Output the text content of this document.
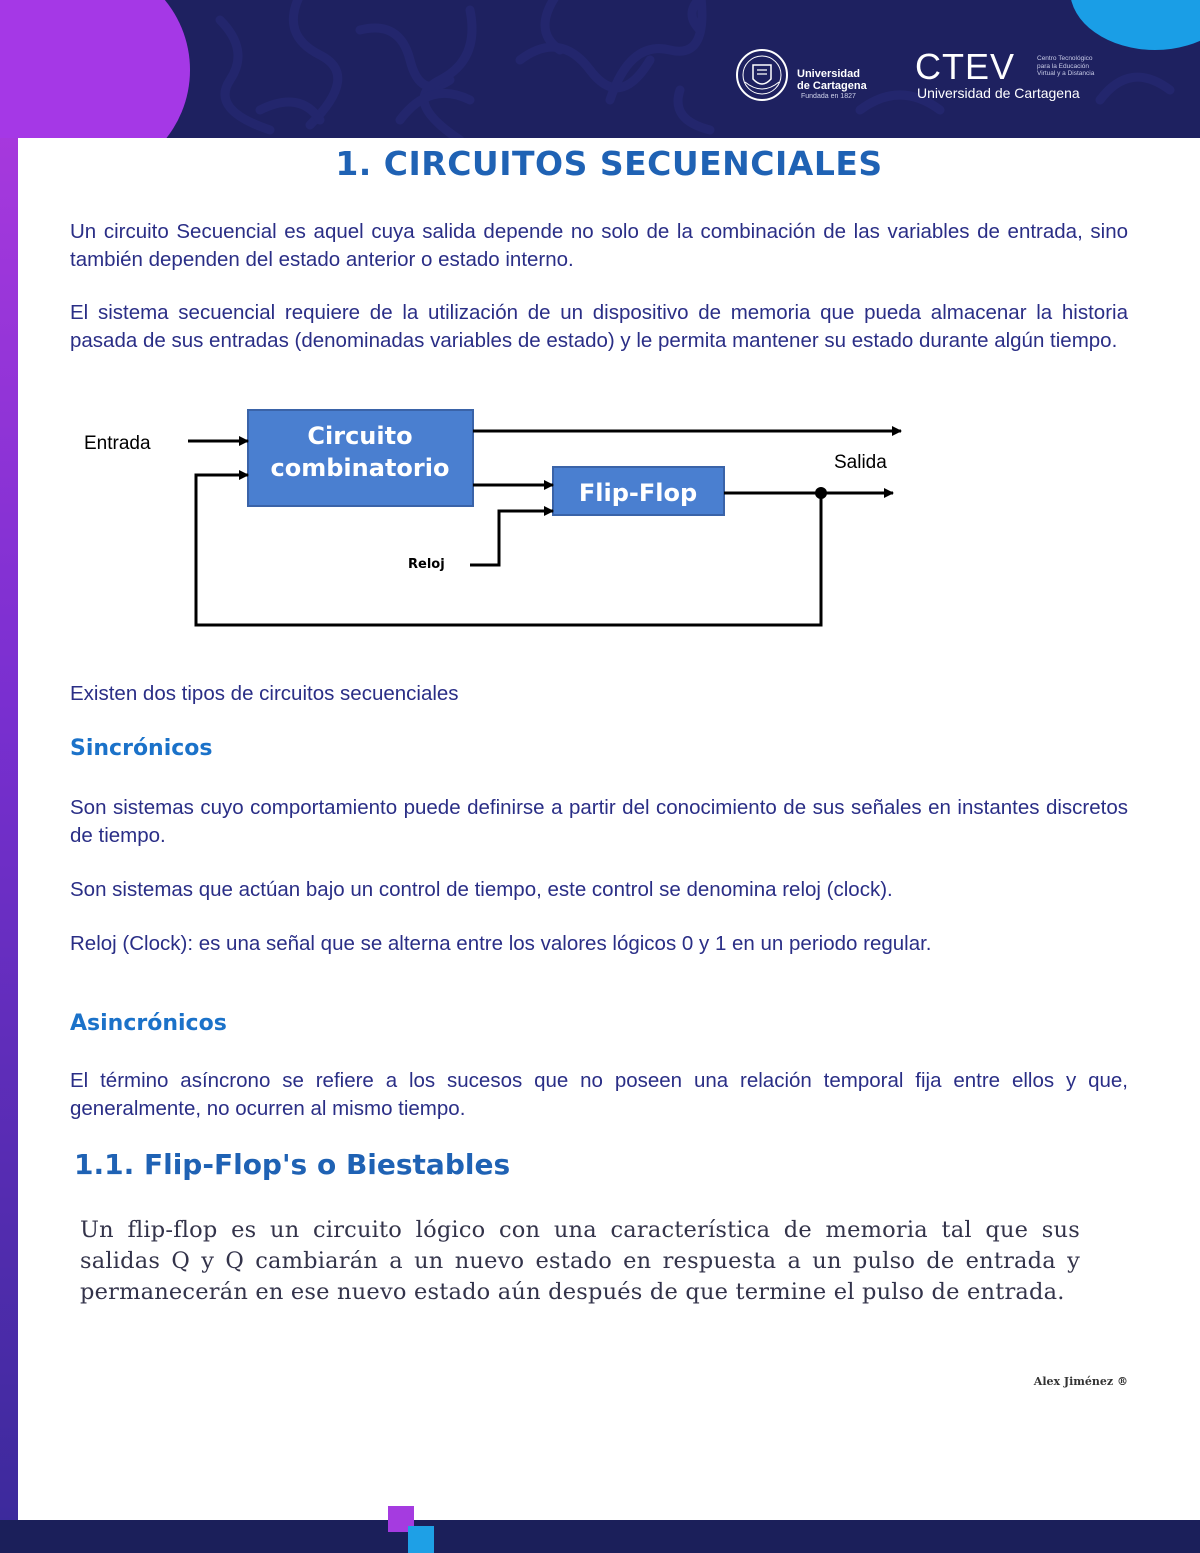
Universidad
de Cartagena
Fundada en 1827
CTEV
Universidad de Cartagena
Centro Tecnológico para la Educación Virtual y a Distancia
1. CIRCUITOS SECUENCIALES

Un circuito Secuencial es aquel cuya salida depende no solo de la combinación de las variables de entrada, sino también dependen del estado anterior o estado interno.

El sistema secuencial requiere de la utilización de un dispositivo de memoria que pueda almacenar la historia pasada de sus entradas (denominadas variables de estado) y le permita mantener su estado durante algún tiempo.

Entrada
Salida
Reloj
Circuito
combinatorio
Flip-Flop

Existen dos tipos de circuitos secuenciales

Sincrónicos

Son sistemas cuyo comportamiento puede definirse a partir del conocimiento de sus señales en instantes discretos de tiempo.

Son sistemas que actúan bajo un control de tiempo, este control se denomina reloj (clock).

Reloj (Clock): es una señal que se alterna entre los valores lógicos 0 y 1 en un periodo regular.

Asincrónicos

El término asíncrono se refiere a los sucesos que no poseen una relación temporal fija entre ellos y que, generalmente, no ocurren al mismo tiempo.

1.1. Flip-Flop's o Biestables

Un flip-flop es un circuito lógico con una característica de memoria tal que sus salidas Q y Q cambiarán a un nuevo estado en respuesta a un pulso de entrada y permanecerán en ese nuevo estado aún después de que termine el pulso de entrada.

Alex Jiménez ®
